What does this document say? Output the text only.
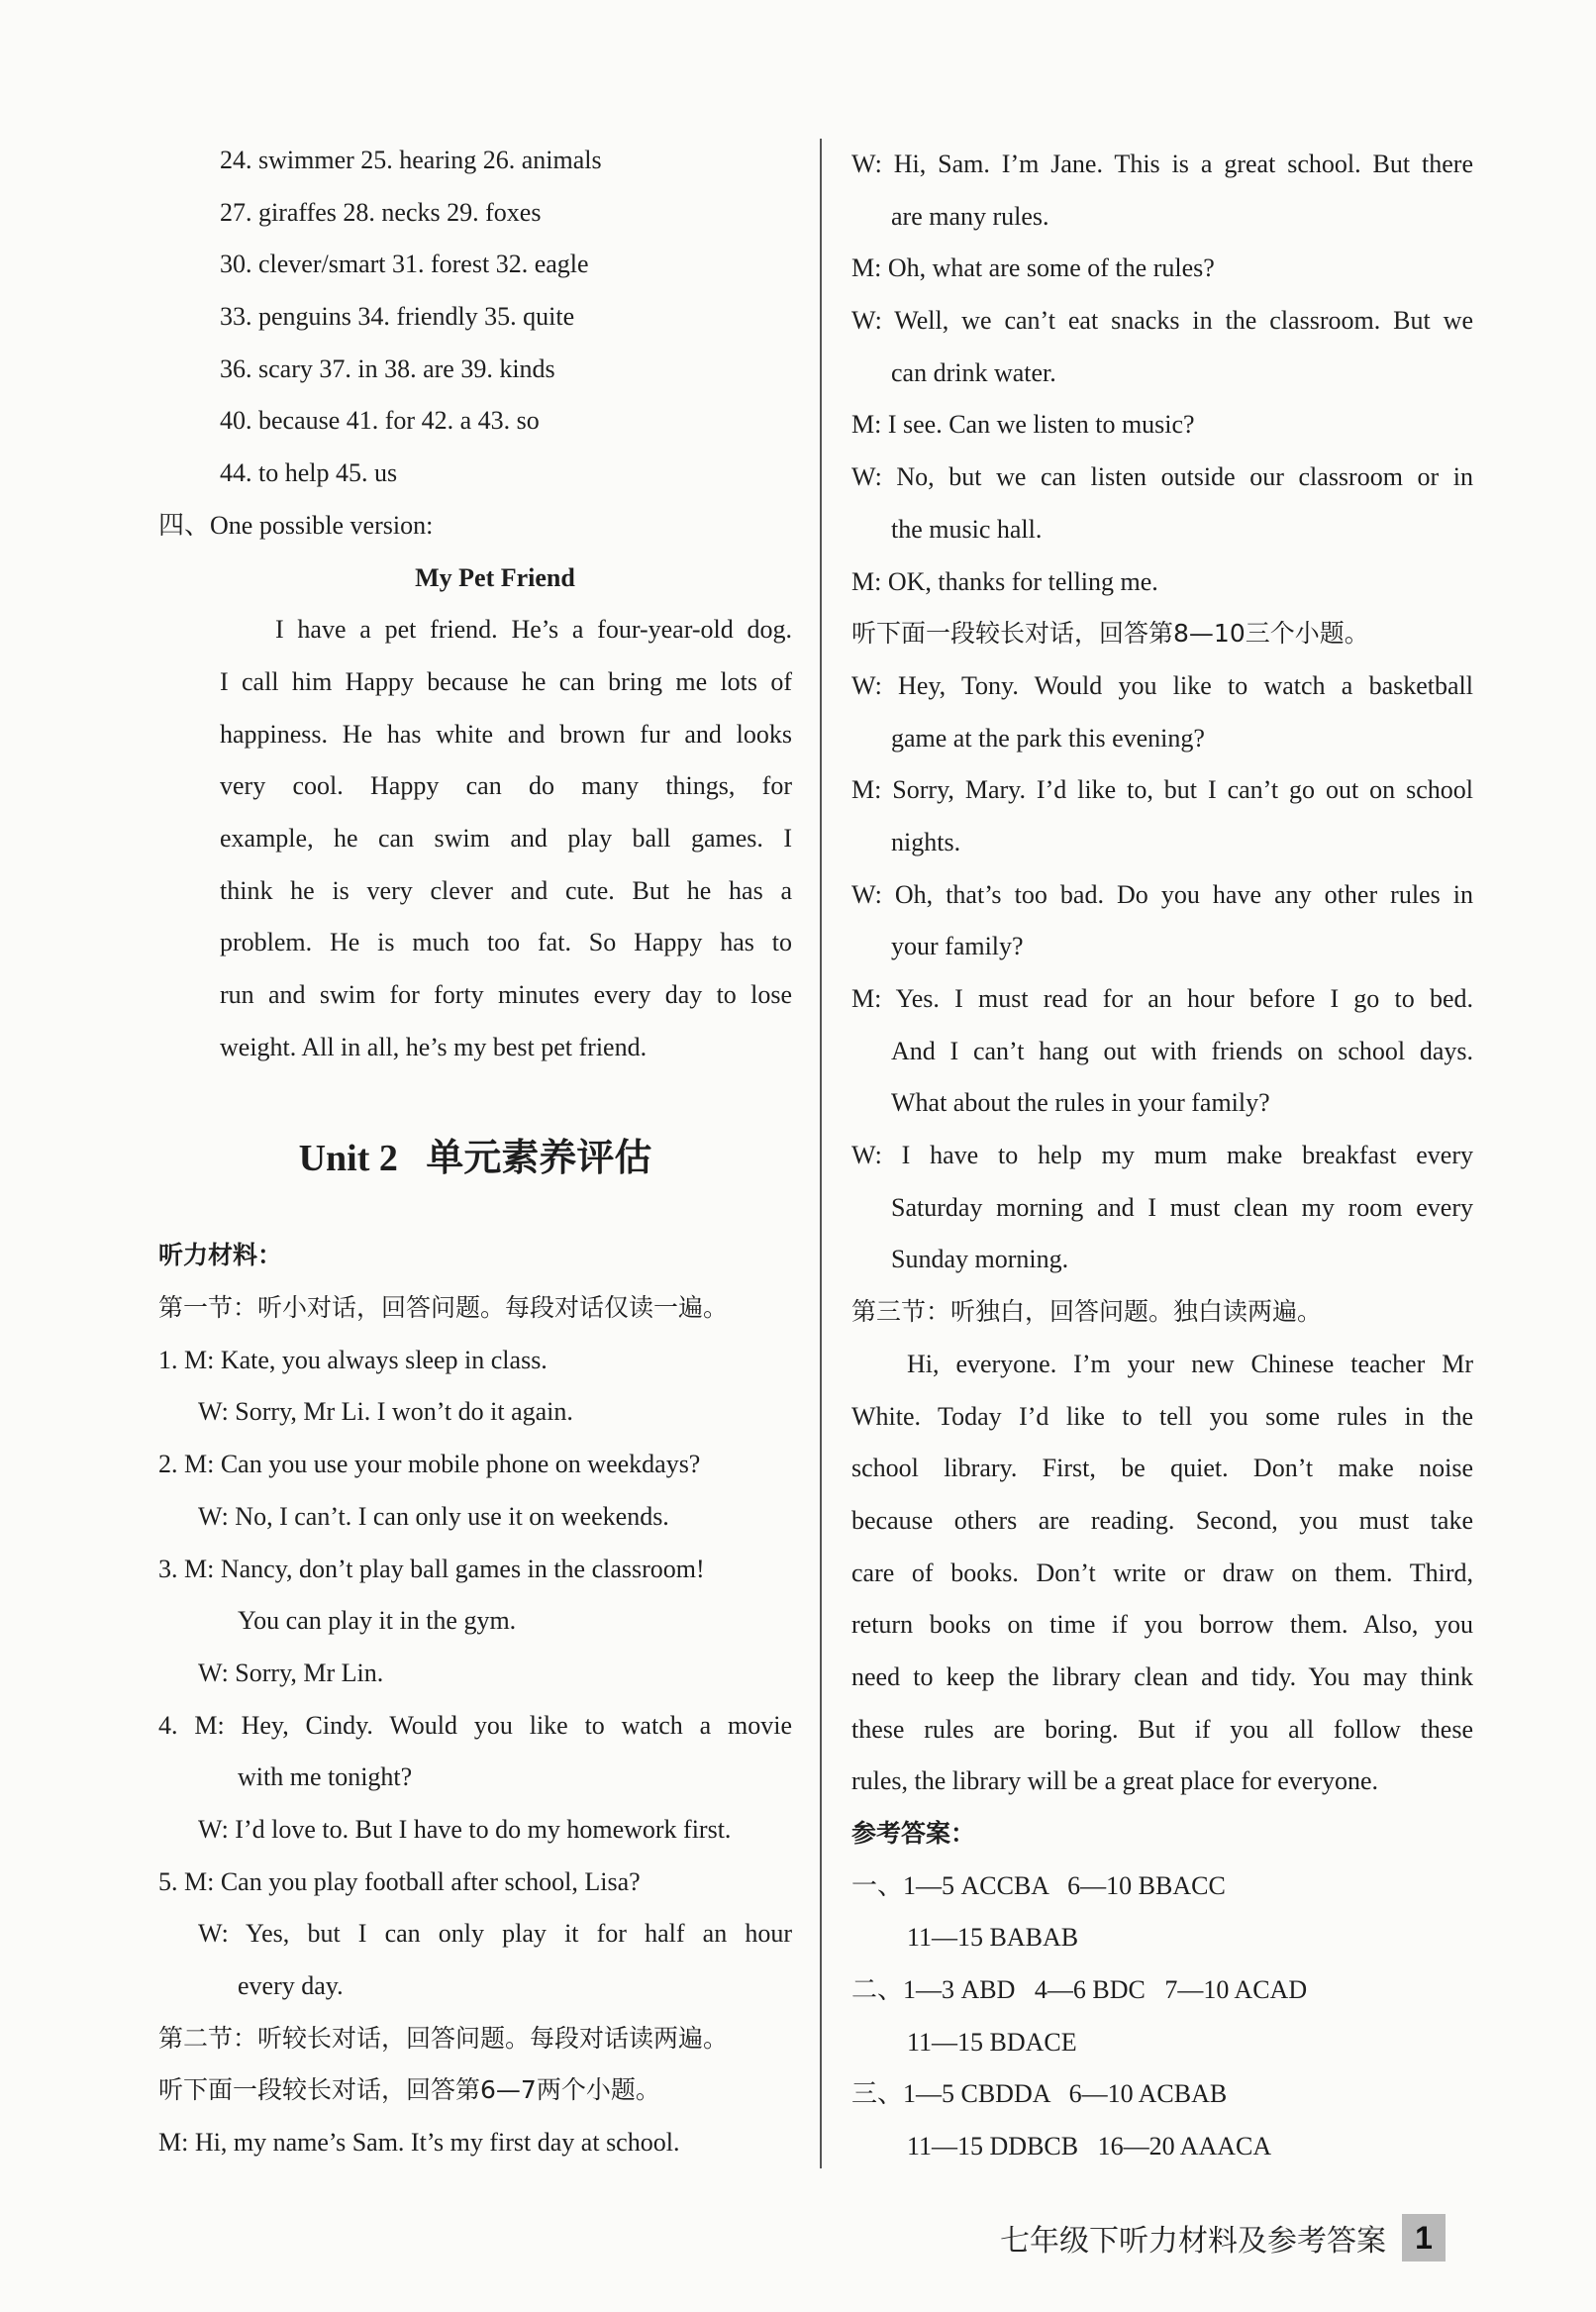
24. swimmer 25. hearing 26. animals
27. giraffes 28. necks 29. foxes
30. clever/smart 31. forest 32. eagle
33. penguins 34. friendly 35. quite
36. scary 37. in 38. are 39. kinds
40. because 41. for 42. a 43. so
44. to help 45. us
四、One possible version:
My Pet Friend
I have a pet friend. He’s a four-year-old dog.
I call him Happy because he can bring me lots of
happiness. He has white and brown fur and looks
very cool. Happy can do many things, for
example, he can swim and play ball games. I
think he is very clever and cute. But he has a
problem. He is much too fat. So Happy has to
run and swim for forty minutes every day to lose
weight. All in all, he’s my best pet friend.
Unit 2   单元素养评估
听力材料：
第一节：听小对话，回答问题。每段对话仅读一遍。
1. M: Kate, you always sleep in class.
W: Sorry, Mr Li. I won’t do it again.
2. M: Can you use your mobile phone on weekdays?
W: No, I can’t. I can only use it on weekends.
3. M: Nancy, don’t play ball games in the classroom!
You can play it in the gym.
W: Sorry, Mr Lin.
4. M: Hey, Cindy. Would you like to watch a movie
with me tonight?
W: I’d love to. But I have to do my homework first.
5. M: Can you play football after school, Lisa?
W: Yes, but I can only play it for half an hour
every day.
第二节：听较长对话，回答问题。每段对话读两遍。
听下面一段较长对话，回答第6—7两个小题。
M: Hi, my name’s Sam. It’s my first day at school.
W: Hi, Sam. I’m Jane. This is a great school. But there
are many rules.
M: Oh, what are some of the rules?
W: Well, we can’t eat snacks in the classroom. But we
can drink water.
M: I see. Can we listen to music?
W: No, but we can listen outside our classroom or in
the music hall.
M: OK, thanks for telling me.
听下面一段较长对话，回答第8—10三个小题。
W: Hey, Tony. Would you like to watch a basketball
game at the park this evening?
M: Sorry, Mary. I’d like to, but I can’t go out on school
nights.
W: Oh, that’s too bad. Do you have any other rules in
your family?
M: Yes. I must read for an hour before I go to bed.
And I can’t hang out with friends on school days.
What about the rules in your family?
W: I have to help my mum make breakfast every
Saturday morning and I must clean my room every
Sunday morning.
第三节：听独白，回答问题。独白读两遍。
Hi, everyone. I’m your new Chinese teacher Mr
White. Today I’d like to tell you some rules in the
school library. First, be quiet. Don’t make noise
because others are reading. Second, you must take
care of books. Don’t write or draw on them. Third,
return books on time if you borrow them. Also, you
need to keep the library clean and tidy. You may think
these rules are boring. But if you all follow these
rules, the library will be a great place for everyone.
参考答案：
一、1—5 ACCBA   6—10 BBACC
11—15 BABAB
二、1—3 ABD   4—6 BDC   7—10 ACAD
11—15 BDACE
三、1—5 CBDDA   6—10 ACBAB
11—15 DDBCB   16—20 AAACA
七年级下听力材料及参考答案 1
